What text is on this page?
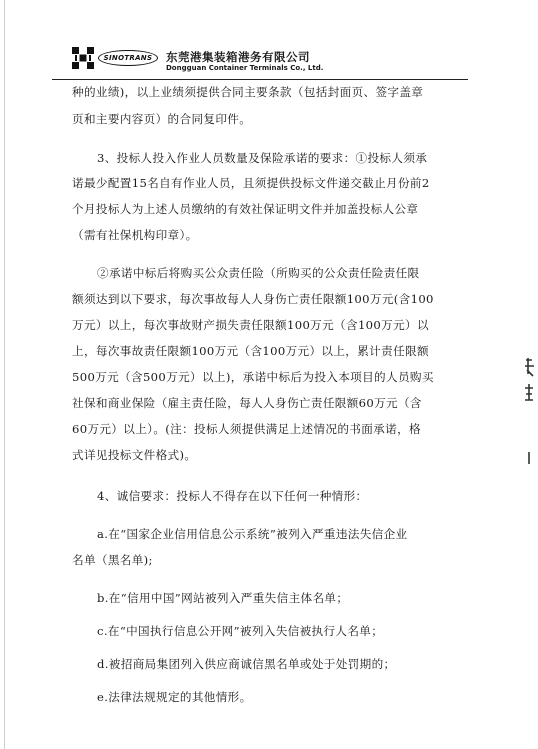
SINOTRANS	东莞港集装箱港务有限公司
Dongguan Container Terminals Co., Ltd.
种的业绩)，以上业绩须提供合同主要条款（包括封面页、签字盖章
页和主要内容页）的合同复印件。
3、投标人投入作业人员数量及保险承诺的要求：①投标人须承
诺最少配置15名自有作业人员，且须提供投标文件递交截止月份前2
个月投标人为上述人员缴纳的有效社保证明文件并加盖投标人公章
（需有社保机构印章）。
②承诺中标后将购买公众责任险（所购买的公众责任险责任限
额须达到以下要求，每次事故每人人身伤亡责任限额100万元(含100
万元）以上，每次事故财产损失责任限额100万元（含100万元）以
上，每次事故责任限额100万元（含100万元）以上，累计责任限额
500万元（含500万元）以上)，承诺中标后为投入本项目的人员购买
社保和商业保险（雇主责任险，每人人身伤亡责任限额60万元（含
60万元）以上）。(注：投标人须提供满足上述情况的书面承诺，格
式详见投标文件格式)。
4、诚信要求：投标人不得存在以下任何一种情形：
a.在“国家企业信用信息公示系统”被列入严重违法失信企业
名单（黑名单);
b.在“信用中国”网站被列入严重失信主体名单；
c.在“中国执行信息公开网”被列入失信被执行人名单；
d.被招商局集团列入供应商诚信黑名单或处于处罚期的；
e.法律法规规定的其他情形。
